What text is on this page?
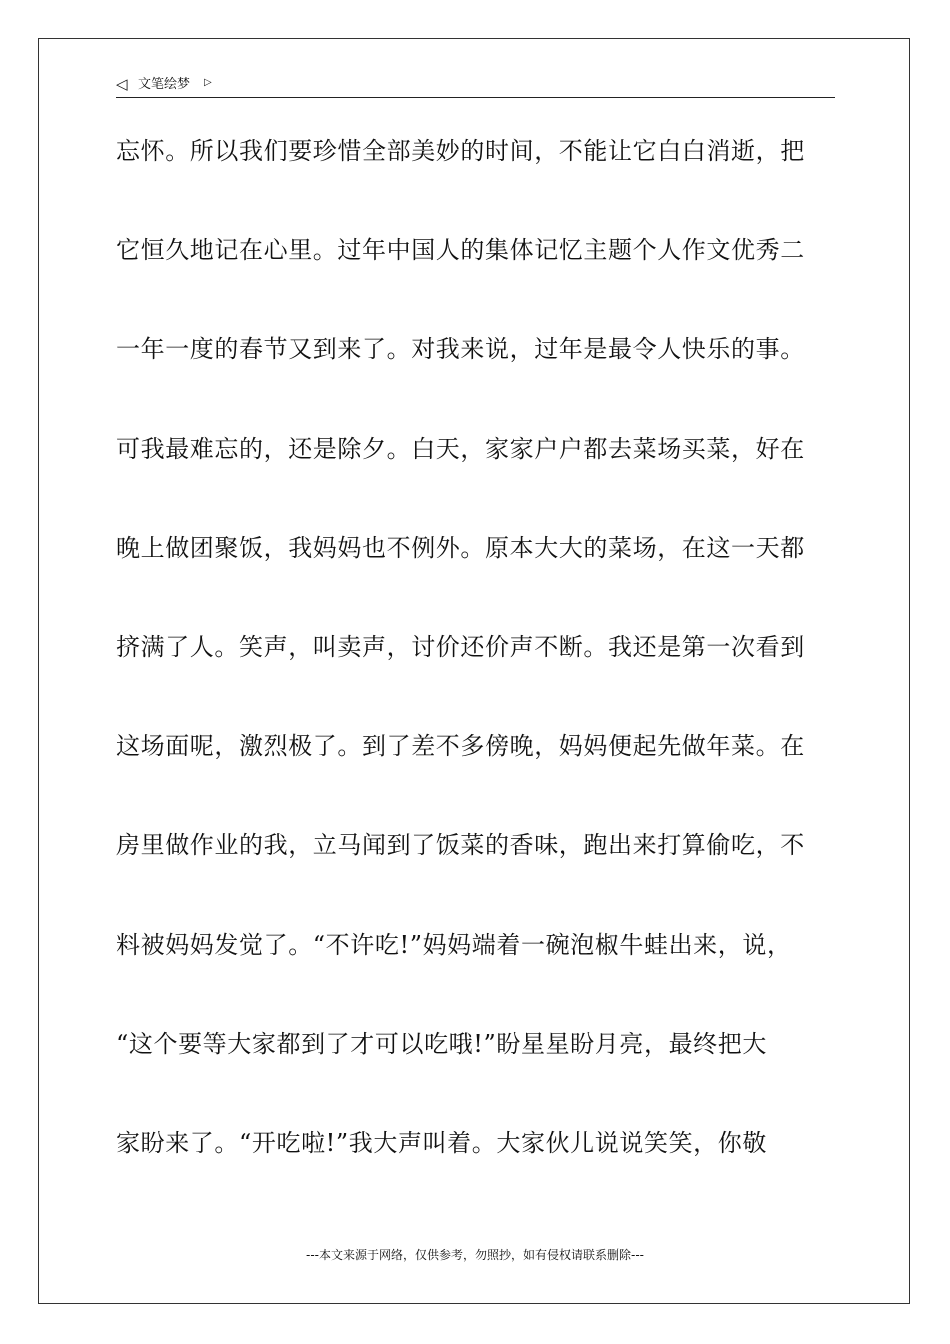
◁ 文笔绘梦 ▷
忘怀。所以我们要珍惜全部美妙的时间，不能让它白白消逝，把
它恒久地记在心里。过年中国人的集体记忆主题个人作文优秀二
一年一度的春节又到来了。对我来说，过年是最令人快乐的事。
可我最难忘的，还是除夕。白天，家家户户都去菜场买菜，好在
晚上做团聚饭，我妈妈也不例外。原本大大的菜场，在这一天都
挤满了人。笑声，叫卖声，讨价还价声不断。我还是第一次看到
这场面呢，激烈极了。到了差不多傍晚，妈妈便起先做年菜。在
房里做作业的我，立马闻到了饭菜的香味，跑出来打算偷吃，不
料被妈妈发觉了。“不许吃!”妈妈端着一碗泡椒牛蛙出来，说，
“这个要等大家都到了才可以吃哦!”盼星星盼月亮，最终把大
家盼来了。“开吃啦!”我大声叫着。大家伙儿说说笑笑，你敬
---本文来源于网络，仅供参考，勿照抄，如有侵权请联系删除---
